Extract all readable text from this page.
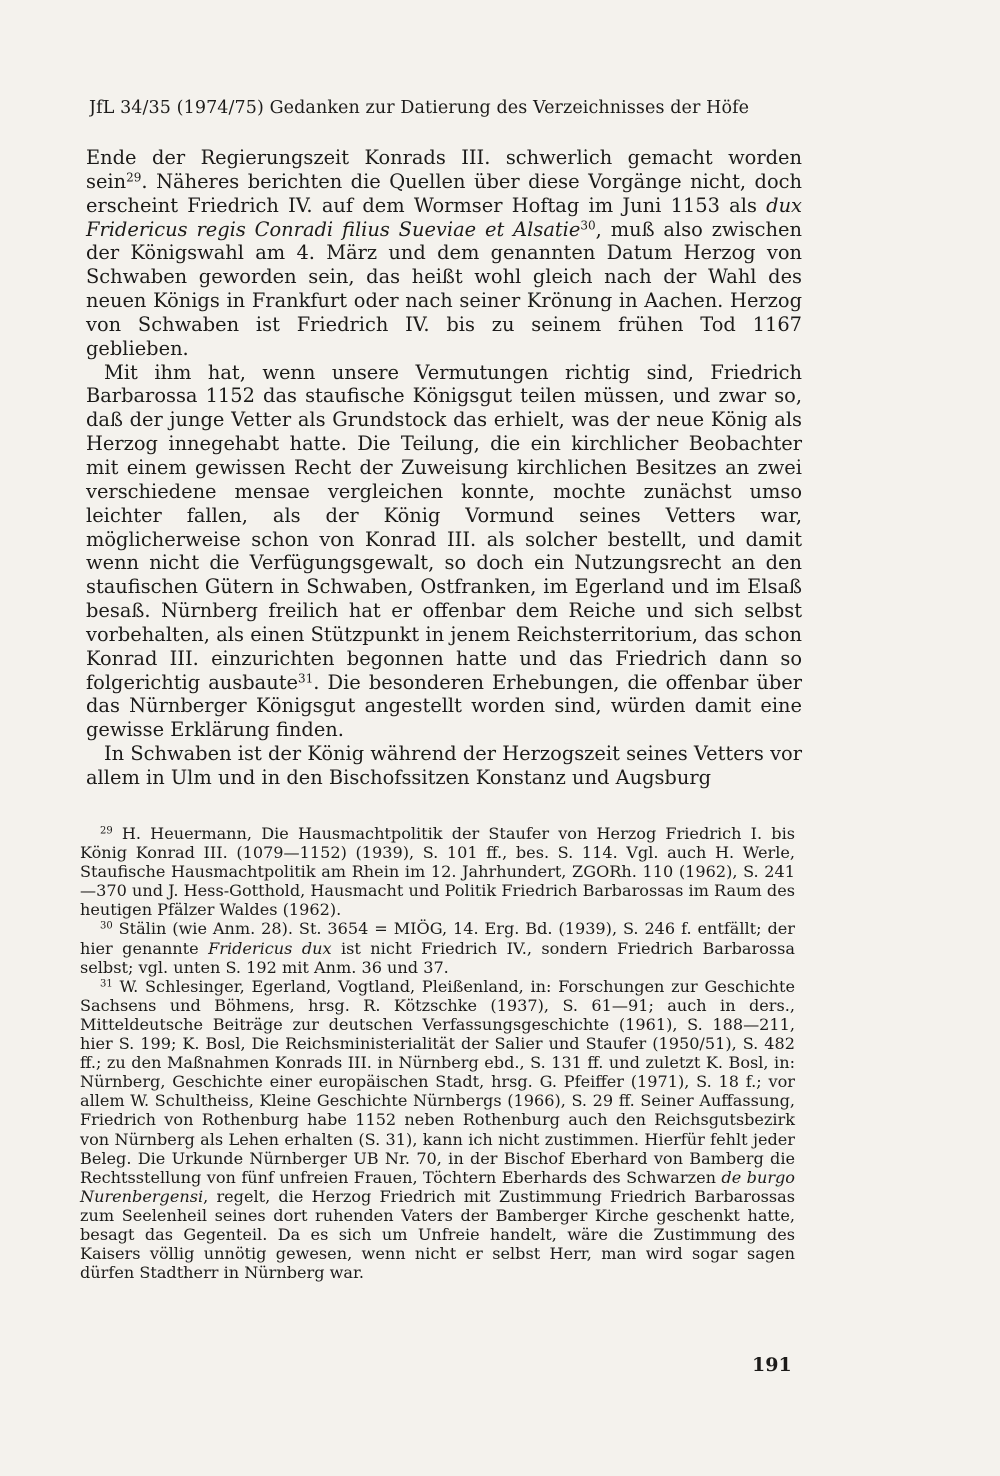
JfL 34/35 (1974/75) Gedanken zur Datierung des Verzeichnisses der Höfe

Ende der Regierungszeit Konrads III. schwerlich gemacht worden sein$^{29}$. Näheres berichten die Quellen über diese Vorgänge nicht, doch erscheint Friedrich IV. auf dem Wormser Hoftag im Juni 1153 als dux Fridericus regis Conradi filius Sueviae et Alsatie$^{30}$, muß also zwischen der Königswahl am 4. März und dem genannten Datum Herzog von Schwaben geworden sein, das heißt wohl gleich nach der Wahl des neuen Königs in Frankfurt oder nach seiner Krönung in Aachen. Herzog von Schwaben ist Friedrich IV. bis zu seinem frühen Tod 1167 geblieben.

Mit ihm hat, wenn unsere Vermutungen richtig sind, Friedrich Barbarossa 1152 das staufische Königsgut teilen müssen, und zwar so, daß der junge Vetter als Grundstock das erhielt, was der neue König als Herzog innegehabt hatte. Die Teilung, die ein kirchlicher Beobachter mit einem gewissen Recht der Zuweisung kirchlichen Besitzes an zwei verschiedene mensae vergleichen konnte, mochte zunächst umso leichter fallen, als der König Vormund seines Vetters war, möglicherweise schon von Konrad III. als solcher bestellt, und damit wenn nicht die Verfügungsgewalt, so doch ein Nutzungsrecht an den staufischen Gütern in Schwaben, Ostfranken, im Egerland und im Elsaß besaß. Nürnberg freilich hat er offenbar dem Reiche und sich selbst vorbehalten, als einen Stützpunkt in jenem Reichsterritorium, das schon Konrad III. einzurichten begonnen hatte und das Friedrich dann so folgerichtig ausbaute$^{31}$. Die besonderen Erhebungen, die offenbar über das Nürnberger Königsgut angestellt worden sind, würden damit eine gewisse Erklärung finden.

In Schwaben ist der König während der Herzogszeit seines Vetters vor allem in Ulm und in den Bischofssitzen Konstanz und Augsburg

$^{29}$ H. Heuermann, Die Hausmachtpolitik der Staufer von Herzog Friedrich I. bis König Konrad III. (1079—1152) (1939), S. 101 ff., bes. S. 114. Vgl. auch H. Werle, Staufische Hausmachtpolitik am Rhein im 12. Jahrhundert, ZGORh. 110 (1962), S. 241—370 und J. Hess-Gotthold, Hausmacht und Politik Friedrich Barbarossas im Raum des heutigen Pfälzer Waldes (1962).

$^{30}$ Stälin (wie Anm. 28). St. 3654 = MIÖG, 14. Erg. Bd. (1939), S. 246 f. entfällt; der hier genannte Fridericus dux ist nicht Friedrich IV., sondern Friedrich Barbarossa selbst; vgl. unten S. 192 mit Anm. 36 und 37.

$^{31}$ W. Schlesinger, Egerland, Vogtland, Pleißenland, in: Forschungen zur Geschichte Sachsens und Böhmens, hrsg. R. Kötzschke (1937), S. 61—91; auch in ders., Mitteldeutsche Beiträge zur deutschen Verfassungsgeschichte (1961), S. 188—211, hier S. 199; K. Bosl, Die Reichsministerialität der Salier und Staufer (1950/51), S. 482 ff.; zu den Maßnahmen Konrads III. in Nürnberg ebd., S. 131 ff. und zuletzt K. Bosl, in: Nürnberg, Geschichte einer europäischen Stadt, hrsg. G. Pfeiffer (1971), S. 18 f.; vor allem W. Schultheiss, Kleine Geschichte Nürnbergs (1966), S. 29 ff. Seiner Auffassung, Friedrich von Rothenburg habe 1152 neben Rothenburg auch den Reichsgutsbezirk von Nürnberg als Lehen erhalten (S. 31), kann ich nicht zustimmen. Hierfür fehlt jeder Beleg. Die Urkunde Nürnberger UB Nr. 70, in der Bischof Eberhard von Bamberg die Rechtsstellung von fünf unfreien Frauen, Töchtern Eberhards des Schwarzen de burgo Nurenbergensi, regelt, die Herzog Friedrich mit Zustimmung Friedrich Barbarossas zum Seelenheil seines dort ruhenden Vaters der Bamberger Kirche geschenkt hatte, besagt das Gegenteil. Da es sich um Unfreie handelt, wäre die Zustimmung des Kaisers völlig unnötig gewesen, wenn nicht er selbst Herr, man wird sogar sagen dürfen Stadtherr in Nürnberg war.

191
